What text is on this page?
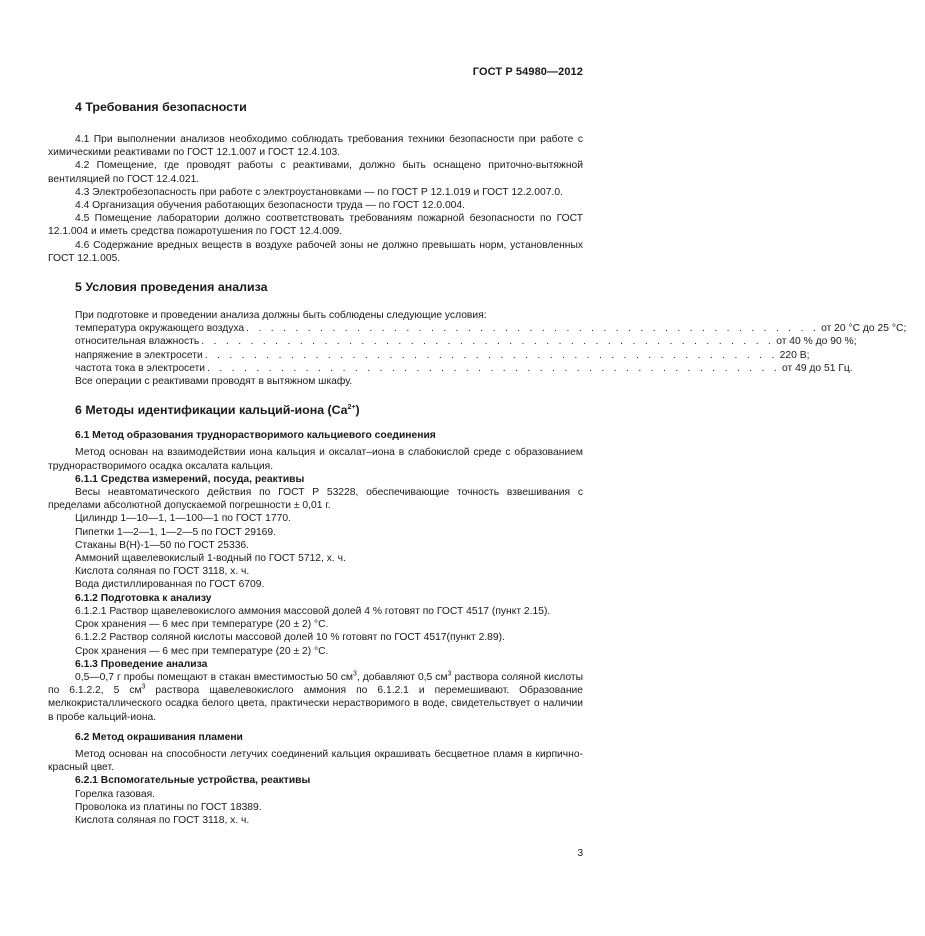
ГОСТ Р 54980—2012
4 Требования безопасности
4.1 При выполнении анализов необходимо соблюдать требования техники безопасности при работе с химическими реактивами по ГОСТ 12.1.007 и ГОСТ 12.4.103.
4.2 Помещение, где проводят работы с реактивами, должно быть оснащено приточно-вытяжной вентиляцией по ГОСТ 12.4.021.
4.3 Электробезопасность при работе с электроустановками — по ГОСТ Р 12.1.019 и ГОСТ 12.2.007.0.
4.4 Организация обучения работающих безопасности труда — по ГОСТ 12.0.004.
4.5 Помещение лаборатории должно соответствовать требованиям пожарной безопасности по ГОСТ 12.1.004 и иметь средства пожаротушения по ГОСТ 12.4.009.
4.6 Содержание вредных веществ в воздухе рабочей зоны не должно превышать норм, установленных ГОСТ 12.1.005.
5 Условия проведения анализа
При подготовке и проведении анализа должны быть соблюдены следующие условия:
температура окружающего воздуха . . . . . . . . . . . . . . . . . . . . . . . . . . . . . . . . . . . . . . . . . . . . . . . от 20 °С до 25 °С;
относительная влажность . . . . . . . . . . . . . . . . . . . . . . . . . . . . . . . . . . . . . . . . . . . . . . . от 40 % до 90 %;
напряжение в электросети . . . . . . . . . . . . . . . . . . . . . . . . . . . . . . . . . . . . . . . . . . . . . . . 220 В;
частота тока в электросети . . . . . . . . . . . . . . . . . . . . . . . . . . . . . . . . . . . . . . . . . . . . . . . от 49 до 51 Гц.
Все операции с реактивами проводят в вытяжном шкафу.
6 Методы идентификации кальций-иона $(Ca^{2+})$
6.1 Метод образования труднорастворимого кальциевого соединения
Метод основан на взаимодействии иона кальция и оксалат–иона в слабокислой среде с образованием труднорастворимого осадка оксалата кальция.
6.1.1 Средства измерений, посуда, реактивы
Весы неавтоматического действия по ГОСТ Р 53228, обеспечивающие точность взвешивания с пределами абсолютной допускаемой погрешности ± 0,01 г.
Цилиндр 1—10—1, 1—100—1 по ГОСТ 1770.
Пипетки 1—2—1, 1—2—5 по ГОСТ 29169.
Стаканы В(Н)-1—50 по ГОСТ 25336.
Аммоний щавелевокислый 1-водный по ГОСТ 5712, х. ч.
Кислота соляная по ГОСТ 3118, х. ч.
Вода дистиллированная по ГОСТ 6709.
6.1.2 Подготовка к анализу
6.1.2.1 Раствор щавелевокислого аммония массовой долей 4 % готовят по ГОСТ 4517 (пункт 2.15).
Срок хранения — 6 мес при температуре (20 ± 2) °С.
6.1.2.2 Раствор соляной кислоты массовой долей 10 % готовят по ГОСТ 4517(пункт 2.89).
Срок хранения — 6 мес при температуре (20 ± 2) °С.
6.1.3 Проведение анализа
0,5—0,7 г пробы помещают в стакан вместимостью 50 $см^3$, добавляют 0,5 $см^3$ раствора соляной кислоты по 6.1.2.2, 5 $см^3$ раствора щавелевокислого аммония по 6.1.2.1 и перемешивают. Образование мелкокристаллического осадка белого цвета, практически нерастворимого в воде, свидетельствует о наличии в пробе кальций-иона.
6.2 Метод окрашивания пламени
Метод основан на способности летучих соединений кальция окрашивать бесцветное пламя в кирпично-красный цвет.
6.2.1 Вспомогательные устройства, реактивы
Горелка газовая.
Проволока из платины по ГОСТ 18389.
Кислота соляная по ГОСТ 3118, х. ч.
3
